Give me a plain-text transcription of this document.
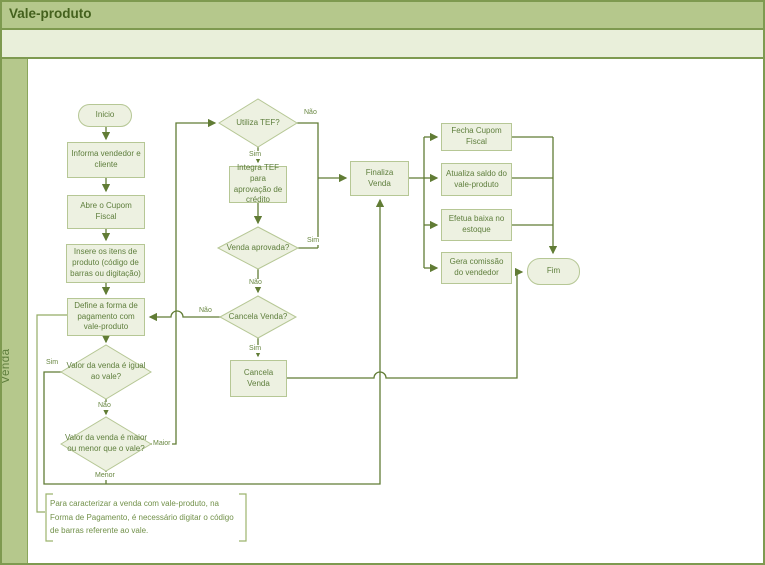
Vale-produto
Venda
Inicio
Informa vendedor e cliente
Abre o Cupom Fiscal
Insere os itens de produto (código de barras ou digitação)
Define a forma de pagamento com vale-produto
Integra TEF para aprovação de crédito
Cancela Venda
Finaliza Venda
Fecha Cupom Fiscal
Atualiza saldo do vale-produto
Efetua baixa no estoque
Gera comissão do vendedor	Fim
Valor da venda é igual ao vale?
Valor da venda é maior ou menor que o vale?
Utiliza TEF?
Venda aprovada?
Cancela Venda?
Sim
Não
Maior
Menor
Sim
Não
Sim
Não
Não
Sim
Para caracterizar a venda com vale-produto, na Forma de Pagamento, é necessário digitar o código de barras referente ao vale.
